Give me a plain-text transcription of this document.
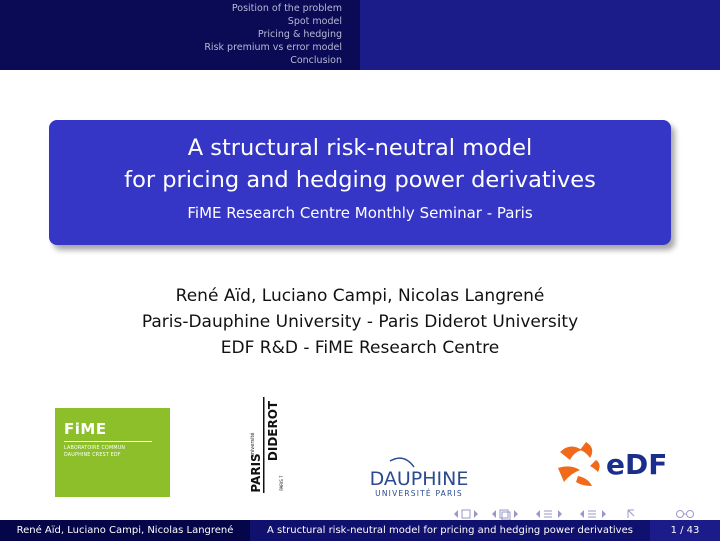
Position of the problem
Spot model
Pricing & hedging
Risk premium vs error model
Conclusion
A structural risk-neutral model
for pricing and hedging power derivatives
FiME Research Centre Monthly Seminar - Paris
René Aïd, Luciano Campi, Nicolas Langrené
Paris-Dauphine University - Paris Diderot University
EDF R&D - FiME Research Centre
FiME
LABORATOIRE COMMUN
DAUPHINE CREST EDF	université
PARIS
DIDEROT
PARIS 7	DAUPHINE
UNIVERSITÉ PARIS
eDF
René Aïd, Luciano Campi, Nicolas Langrené	A structural risk-neutral model for pricing and hedging power derivatives	1 / 43
